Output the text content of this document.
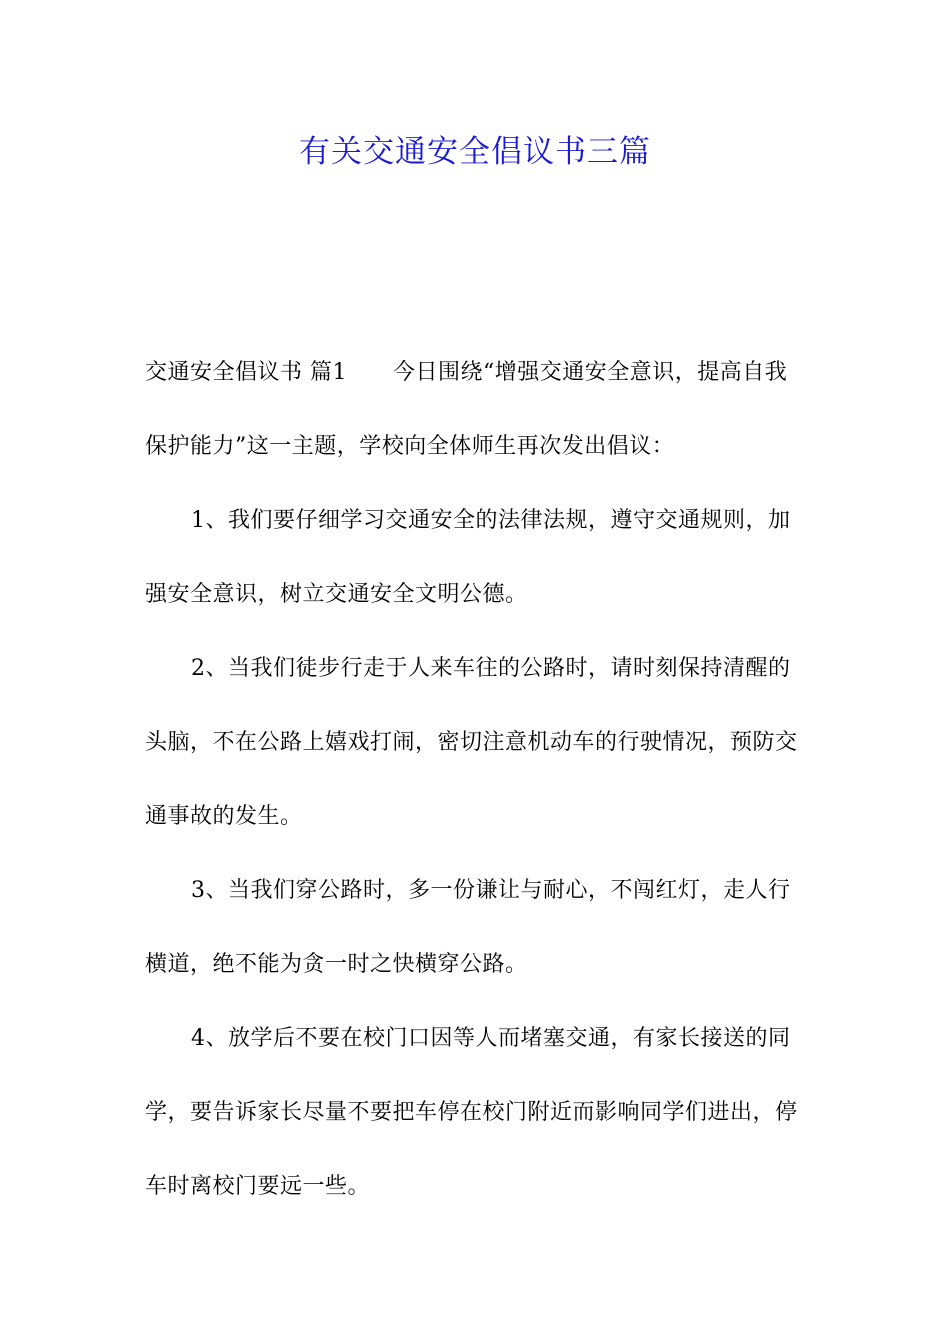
有关交通安全倡议书三篇

交通安全倡议书 篇1 今日围绕“增强交通安全意识，提高自我保护能力”这一主题，学校向全体师生再次发出倡议：

1、我们要仔细学习交通安全的法律法规，遵守交通规则，加强安全意识，树立交通安全文明公德。

2、当我们徒步行走于人来车往的公路时，请时刻保持清醒的头脑，不在公路上嬉戏打闹，密切注意机动车的行驶情况，预防交通事故的发生。

3、当我们穿公路时，多一份谦让与耐心，不闯红灯，走人行横道，绝不能为贪一时之快横穿公路。

4、放学后不要在校门口因等人而堵塞交通，有家长接送的同学，要告诉家长尽量不要把车停在校门附近而影响同学们进出，停车时离校门要远一些。
